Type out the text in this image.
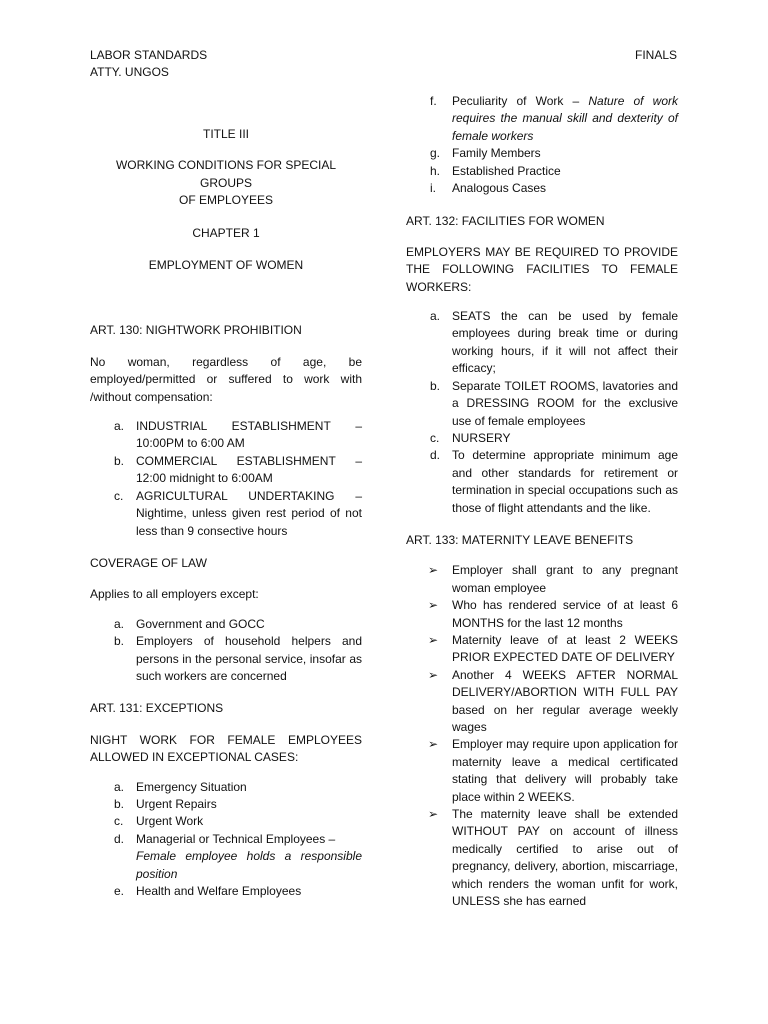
LABOR STANDARDS
ATTY. UNGOS
FINALS

TITLE III

WORKING CONDITIONS FOR SPECIAL GROUPS

OF EMPLOYEES

CHAPTER 1

EMPLOYMENT OF WOMEN

ART. 130: NIGHTWORK PROHIBITION

No woman, regardless of age, be employed/permitted or suffered to work with /without compensation:

a. INDUSTRIAL ESTABLISHMENT – 10:00PM to 6:00 AM
b. COMMERCIAL ESTABLISHMENT – 12:00 midnight to 6:00AM
c. AGRICULTURAL UNDERTAKING – Nightime, unless given rest period of not less than 9 consective hours

COVERAGE OF LAW

Applies to all employers except:

a. Government and GOCC
b. Employers of household helpers and persons in the personal service, insofar as such workers are concerned

ART. 131: EXCEPTIONS

NIGHT WORK FOR FEMALE EMPLOYEES ALLOWED IN EXCEPTIONAL CASES:

a. Emergency Situation
b. Urgent Repairs
c. Urgent Work
d. Managerial or Technical Employees –
Female employee holds a responsible position
e. Health and Welfare Employees
f. Peculiarity of Work – Nature of work requires the manual skill and dexterity of female workers
g. Family Members
h. Established Practice
i. Analogous Cases

ART. 132: FACILITIES FOR WOMEN

EMPLOYERS MAY BE REQUIRED TO PROVIDE THE FOLLOWING FACILITIES TO FEMALE WORKERS:

a. SEATS the can be used by female employees during break time or during working hours, if it will not affect their efficacy;
b. Separate TOILET ROOMS, lavatories and a DRESSING ROOM for the exclusive use of female employees
c. NURSERY
d. To determine appropriate minimum age and other standards for retirement or termination in special occupations such as those of flight attendants and the like.

ART. 133: MATERNITY LEAVE BENEFITS

➢ Employer shall grant to any pregnant woman employee
➢ Who has rendered service of at least 6 MONTHS for the last 12 months
➢ Maternity leave of at least 2 WEEKS PRIOR EXPECTED DATE OF DELIVERY
➢ Another 4 WEEKS AFTER NORMAL DELIVERY/ABORTION WITH FULL PAY based on her regular average weekly wages
➢ Employer may require upon application for maternity leave a medical certificated stating that delivery will probably take place within 2 WEEKS.
➢ The maternity leave shall be extended WITHOUT PAY on account of illness medically certified to arise out of pregnancy, delivery, abortion, miscarriage, which renders the woman unfit for work, UNLESS she has earned
